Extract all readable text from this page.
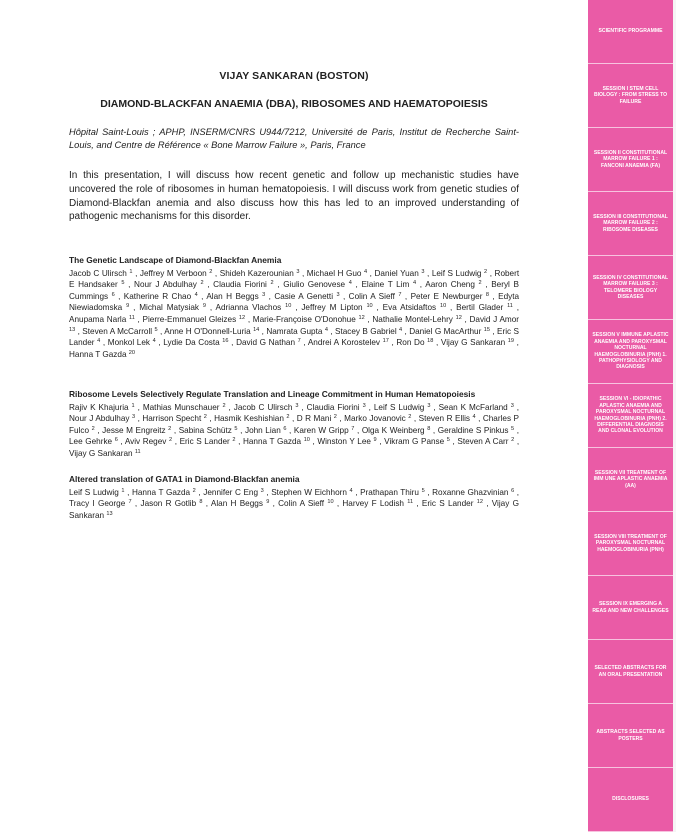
VIJAY SANKARAN (BOSTON)
DIAMOND-BLACKFAN ANAEMIA (DBA), RIBOSOMES AND HAEMATOPOIESIS
Hôpital Saint-Louis ; APHP, INSERM/CNRS U944/7212, Université de Paris, Institut de Recherche Saint-Louis, and Centre de Référence « Bone Marrow Failure », Paris, France
In this presentation, I will discuss how recent genetic and follow up mechanistic studies have uncovered the role of ribosomes in human hematopoiesis. I will discuss work from genetic studies of Diamond-Blackfan anemia and also discuss how this has led to an improved understanding of pathogenic mechanisms for this disorder.
The Genetic Landscape of Diamond-Blackfan Anemia
Jacob C Ulirsch $^1$ , Jeffrey M Verboon $^2$ , Shideh Kazerounian $^3$ , Michael H Guo $^4$ , Daniel Yuan $^3$ , Leif S Ludwig $^2$ , Robert E Handsaker $^5$ , Nour J Abdulhay $^2$ , Claudia Fiorini $^2$ , Giulio Genovese $^4$ , Elaine T Lim $^4$ , Aaron Cheng $^2$ , Beryl B Cummings $^6$ , Katherine R Chao $^4$ , Alan H Beggs $^3$ , Casie A Genetti $^3$ , Colin A Sieff $^7$ , Peter E Newburger $^8$ , Edyta Niewiadomska $^9$ , Michal Matysiak $^9$ , Adrianna Vlachos $^{10}$ , Jeffrey M Lipton $^{10}$ , Eva Atsidaftos $^{10}$ , Bertil Glader $^{11}$ , Anupama Narla $^{11}$ , Pierre-Emmanuel Gleizes $^{12}$ , Marie-Françoise O'Donohue $^{12}$ , Nathalie Montel-Lehry $^{12}$ , David J Amor $^{13}$ , Steven A McCarroll $^5$ , Anne H O'Donnell-Luria $^{14}$ , Namrata Gupta $^4$ , Stacey B Gabriel $^4$ , Daniel G MacArthur $^{15}$ , Eric S Lander $^4$ , Monkol Lek $^4$ , Lydie Da Costa $^{16}$ , David G Nathan $^7$ , Andrei A Korostelev $^{17}$ , Ron Do $^{18}$ , Vijay G Sankaran $^{19}$ , Hanna T Gazda $^{20}$
Ribosome Levels Selectively Regulate Translation and Lineage Commitment in Human Hematopoiesis
Rajiv K Khajuria $^1$ , Mathias Munschauer $^2$ , Jacob C Ulirsch $^3$ , Claudia Fiorini $^3$ , Leif S Ludwig $^3$ , Sean K McFarland $^3$ , Nour J Abdulhay $^3$ , Harrison Specht $^2$ , Hasmik Keshishian $^2$ , D R Mani $^2$ , Marko Jovanovic $^2$ , Steven R Ellis $^4$ , Charles P Fulco $^2$ , Jesse M Engreitz $^2$ , Sabina Schütz $^5$ , John Lian $^6$ , Karen W Gripp $^7$ , Olga K Weinberg $^8$ , Geraldine S Pinkus $^5$ , Lee Gehrke $^6$ , Aviv Regev $^2$ , Eric S Lander $^2$ , Hanna T Gazda $^{10}$ , Winston Y Lee $^9$ , Vikram G Panse $^5$ , Steven A Carr $^2$ , Vijay G Sankaran $^{11}$
Altered translation of GATA1 in Diamond-Blackfan anemia
Leif S Ludwig $^1$ , Hanna T Gazda $^2$ , Jennifer C Eng $^3$ , Stephen W Eichhorn $^4$ , Prathapan Thiru $^5$ , Roxanne Ghazvinian $^6$ , Tracy I George $^7$ , Jason R Gotlib $^8$ , Alan H Beggs $^9$ , Colin A Sieff $^{10}$ , Harvey F Lodish $^{11}$ , Eric S Lander $^{12}$ , Vijay G Sankaran $^{13}$
SCIENTIFIC PROGRAMME
SESSION I STEM CELL BIOLOGY : FROM STRESS TO FAILURE
SESSION II CONSTITUTIONAL MARROW FAILURE 1 : FANCONI ANAEMIA (FA)
SESSION III CONSTITUTIONAL MARROW FAILURE 2 : RIBOSOME DISEASES
SESSION IV CONSTITUTIONAL MARROW FAILURE 3 : TELOMERE BIOLOGY DISEASES
SESSION V IMMUNE APLASTIC ANAEMIA AND PAROXYSMAL NOCTURNAL HAEMOGLOBINURIA (PNH) 1. PATHOPHYSIOLOGY AND DIAGNOSIS
SESSION VI - IDIOPATHIC APLASTIC ANAEMIA AND PAROXYSMAL NOCTURNAL HAEMOGLOBINURIA (PNH) 2. DIFFERENTIAL DIAGNOSIS AND CLONAL EVOLUTION
SESSION VII TREATMENT OF IMM UNE APLASTIC ANAEMIA (AA)
SESSION VIII TREATMENT OF PAROXYSMAL NOCTURNAL HAEMOGLOBINURIA (PNH)
SESSION IX EMERGING A REAS AND NEW CHALLENGES
SELECTED ABSTRACTS FOR AN ORAL PRESENTATION
ABSTRACTS SELECTED AS POSTERS
DISCLOSURES
